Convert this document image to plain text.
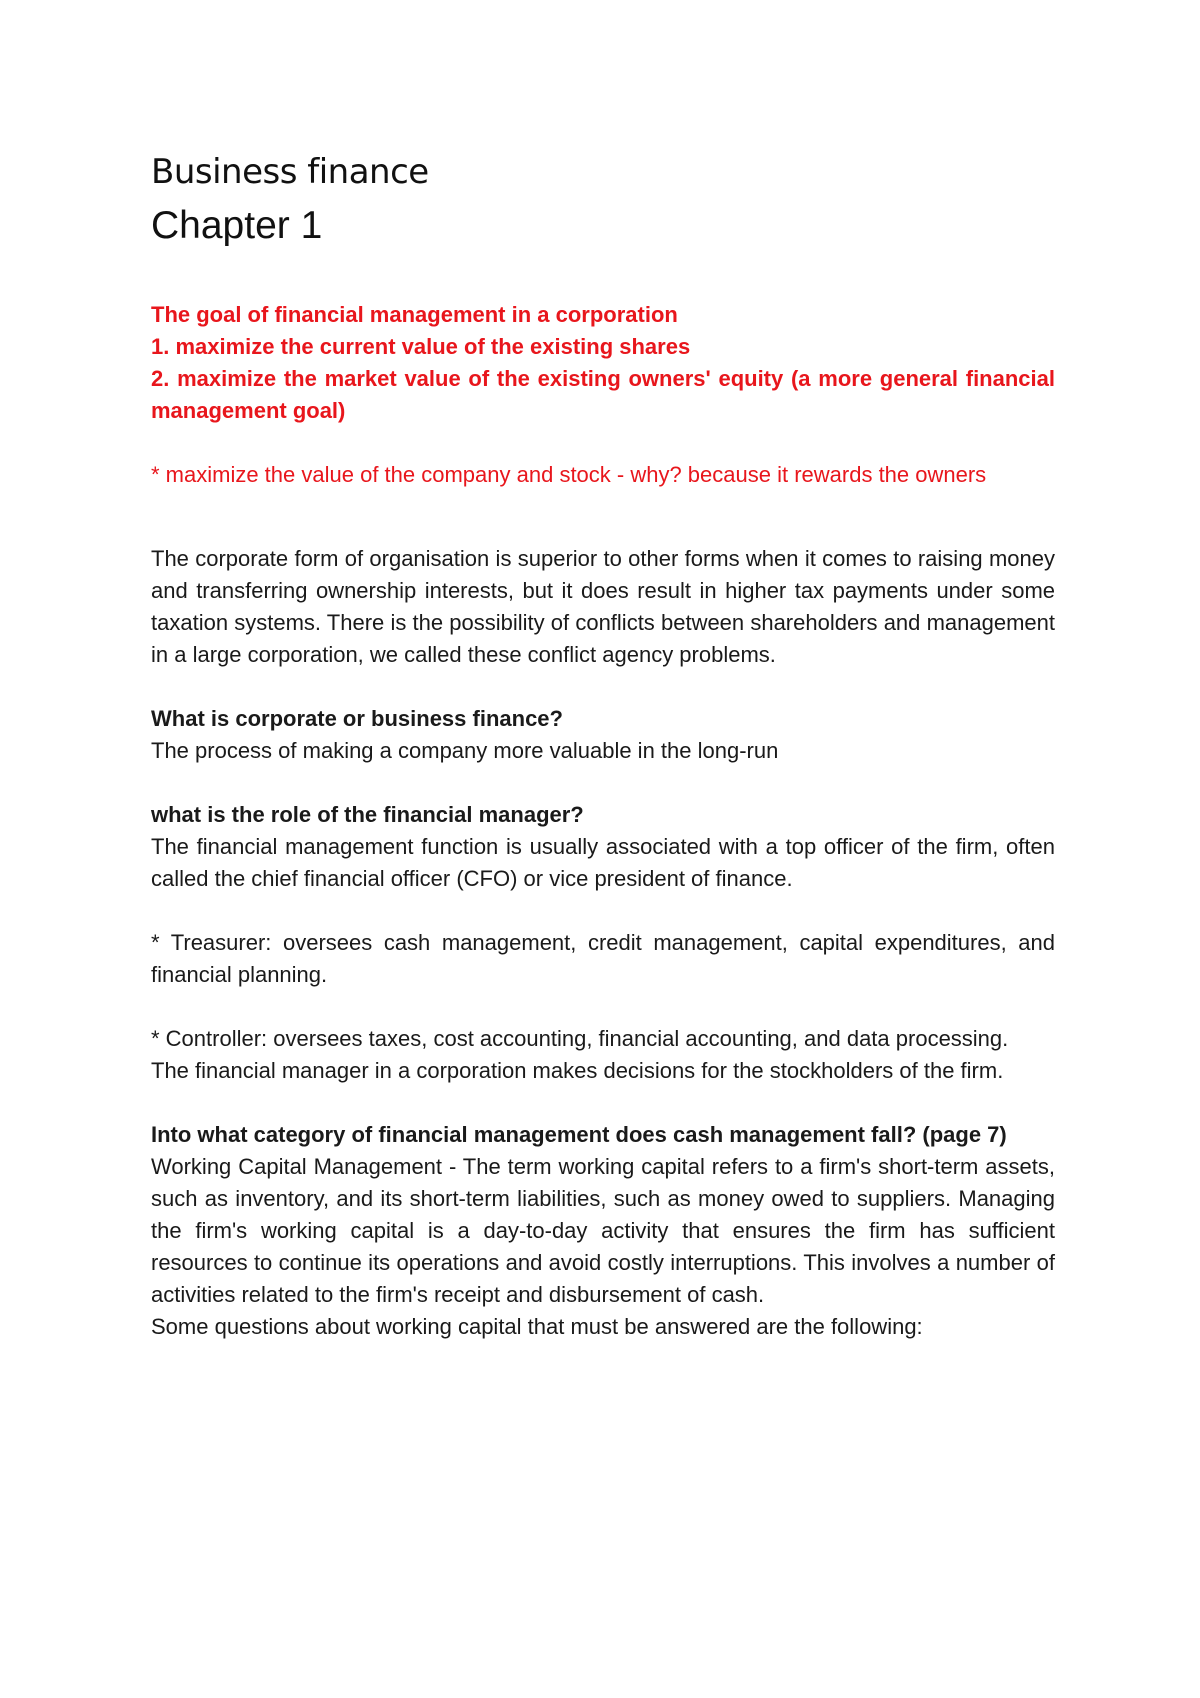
Business finance
Chapter 1

The goal of financial management in a corporation

1. maximize the current value of the existing shares

2. maximize the market value of the existing owners' equity (a more general financial management goal)

* maximize the value of the company and stock - why? because it rewards the owners

The corporate form of organisation is superior to other forms when it comes to raising money and transferring ownership interests, but it does result in higher tax payments under some taxation systems. There is the possibility of conflicts between shareholders and management in a large corporation, we called these conflict agency problems.

What is corporate or business finance?

The process of making a company more valuable in the long-run

what is the role of the financial manager?

The financial management function is usually associated with a top officer of the firm, often called the chief financial officer (CFO) or vice president of finance.

* Treasurer: oversees cash management, credit management, capital expenditures, and financial planning.

* Controller: oversees taxes, cost accounting, financial accounting, and data processing.

The financial manager in a corporation makes decisions for the stockholders of the firm.

Into what category of financial management does cash management fall? (page 7)

Working Capital Management - The term working capital refers to a firm's short-term assets, such as inventory, and its short-term liabilities, such as money owed to suppliers. Managing the firm's working capital is a day-to-day activity that ensures the firm has sufficient resources to continue its operations and avoid costly interruptions. This involves a number of activities related to the firm's receipt and disbursement of cash.

Some questions about working capital that must be answered are the following:
